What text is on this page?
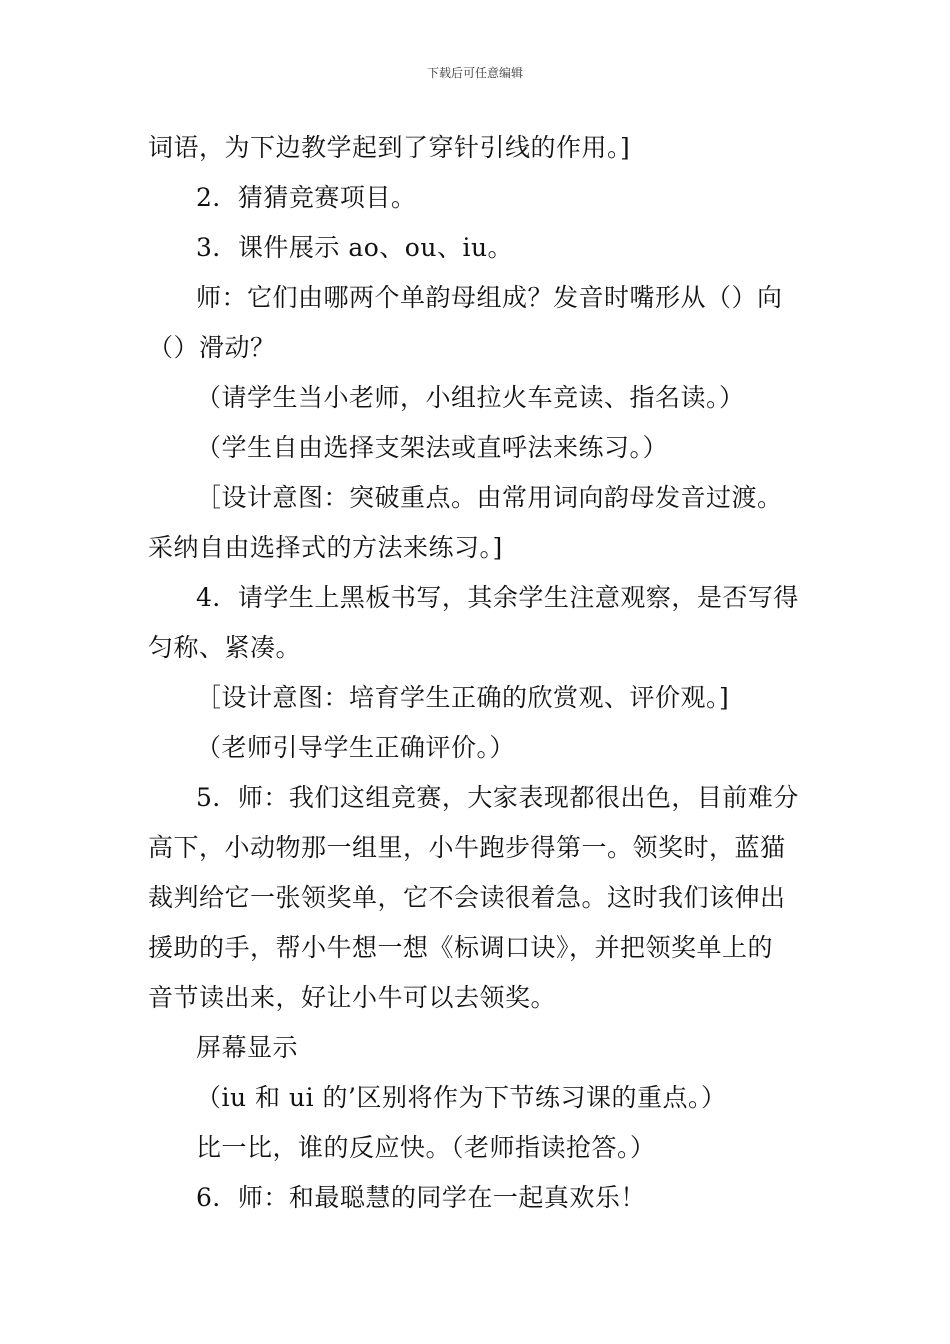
下载后可任意编辑
词语，为下边教学起到了穿针引线的作用。]
2．猜猜竞赛项目。
3．课件展示 ao、ou、iu。
师：它们由哪两个单韵母组成？发音时嘴形从（）向
（）滑动？
（请学生当小老师，小组拉火车竞读、指名读。）
（学生自由选择支架法或直呼法来练习。）
［设计意图：突破重点。由常用词向韵母发音过渡。
采纳自由选择式的方法来练习。]
4．请学生上黑板书写，其余学生注意观察，是否写得
匀称、紧凑。
［设计意图：培育学生正确的欣赏观、评价观。]
（老师引导学生正确评价。）
5．师：我们这组竞赛，大家表现都很出色，目前难分
高下，小动物那一组里，小牛跑步得第一。领奖时，蓝猫
裁判给它一张领奖单，它不会读很着急。这时我们该伸出
援助的手，帮小牛想一想《标调口诀》，并把领奖单上的
音节读出来，好让小牛可以去领奖。
屏幕显示
（iu 和 ui 的’区别将作为下节练习课的重点。）
比一比，谁的反应快。（老师指读抢答。）
6．师：和最聪慧的同学在一起真欢乐！
